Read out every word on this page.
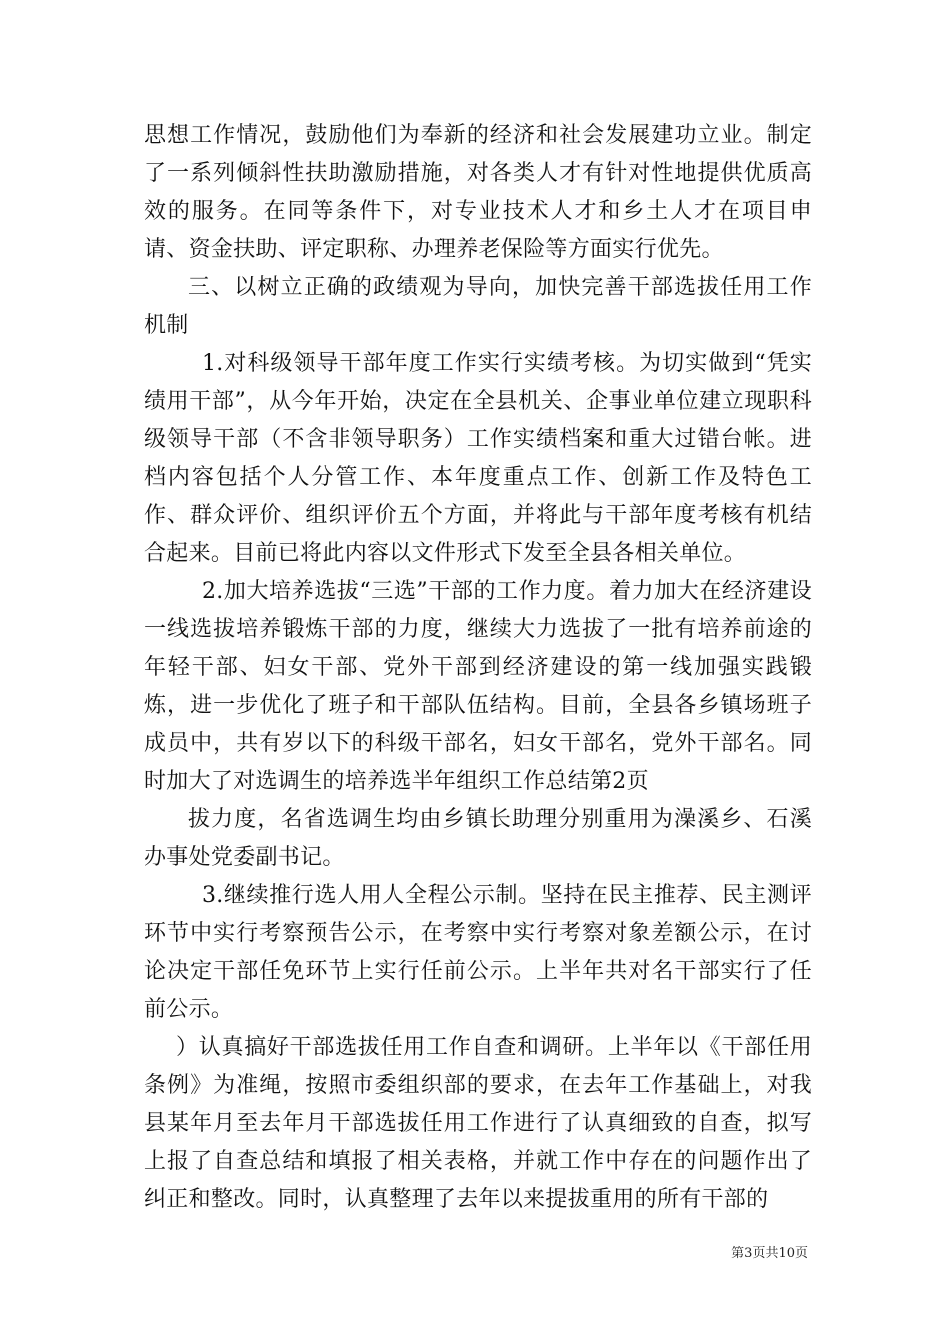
思想工作情况，鼓励他们为奉新的经济和社会发展建功立业。制定了一系列倾斜性扶助激励措施，对各类人才有针对性地提供优质高效的服务。在同等条件下，对专业技术人才和乡土人才在项目申请、资金扶助、评定职称、办理养老保险等方面实行优先。

三、以树立正确的政绩观为导向，加快完善干部选拔任用工作机制

1.对科级领导干部年度工作实行实绩考核。为切实做到“凭实绩用干部”，从今年开始，决定在全县机关、企事业单位建立现职科级领导干部（不含非领导职务）工作实绩档案和重大过错台帐。进档内容包括个人分管工作、本年度重点工作、创新工作及特色工作、群众评价、组织评价五个方面，并将此与干部年度考核有机结合起来。目前已将此内容以文件形式下发至全县各相关单位。

2.加大培养选拔“三选”干部的工作力度。着力加大在经济建设一线选拔培养锻炼干部的力度，继续大力选拔了一批有培养前途的年轻干部、妇女干部、党外干部到经济建设的第一线加强实践锻炼，进一步优化了班子和干部队伍结构。目前，全县各乡镇场班子成员中，共有岁以下的科级干部名，妇女干部名，党外干部名。同时加大了对选调生的培养选半年组织工作总结第2页

拔力度，名省选调生均由乡镇长助理分别重用为澡溪乡、石溪办事处党委副书记。

3.继续推行选人用人全程公示制。坚持在民主推荐、民主测评环节中实行考察预告公示，在考察中实行考察对象差额公示，在讨论决定干部任免环节上实行任前公示。上半年共对名干部实行了任前公示。

）认真搞好干部选拔任用工作自查和调研。上半年以《干部任用条例》为准绳，按照市委组织部的要求，在去年工作基础上，对我县某年月至去年月干部选拔任用工作进行了认真细致的自查，拟写上报了自查总结和填报了相关表格，并就工作中存在的问题作出了纠正和整改。同时，认真整理了去年以来提拔重用的所有干部的

第3页共10页
